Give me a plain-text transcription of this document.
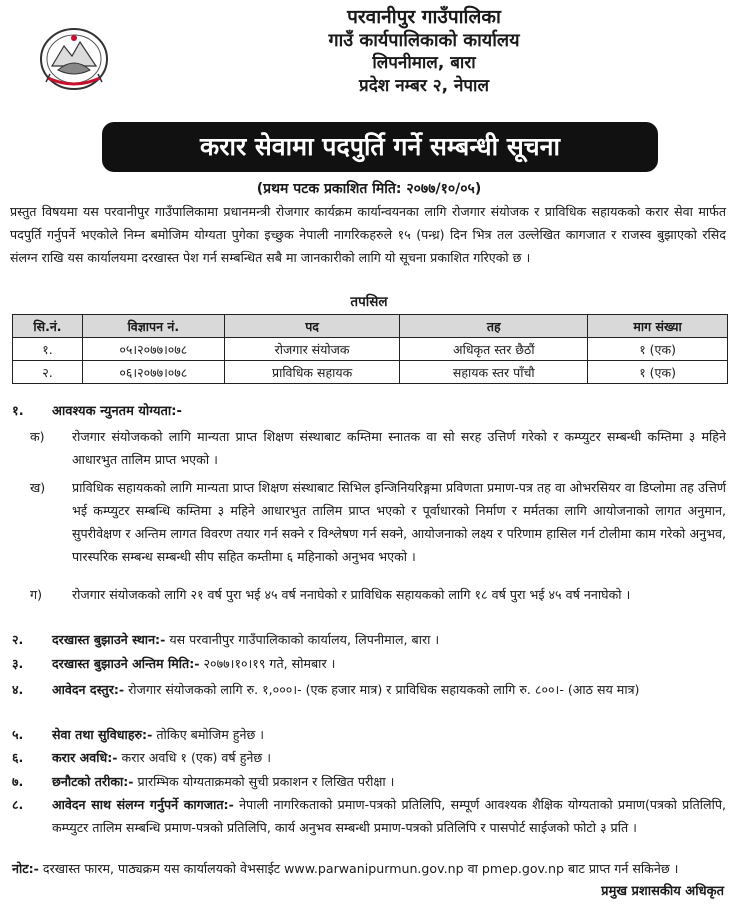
परवानीपुर गाउँपालिका
गाउँ कार्यपालिकाको कार्यालय
लिपनीमाल, बारा
प्रदेश नम्बर २, नेपाल
करार सेवामा पदपुर्ति गर्ने सम्बन्धी सूचना
(प्रथम पटक प्रकाशित मिति: २०७७/१०/०५)
प्रस्तुत विषयमा यस परवानीपुर गाउँपालिकामा प्रधानमन्त्री रोजगार कार्यक्रम कार्यान्वयनका लागि रोजगार संयोजक र प्राविधिक सहायकको करार सेवा मार्फत पदपुर्ति गर्नुपर्ने भएकोले निम्न बमोजिम योग्यता पुगेका इच्छुक नेपाली नागरिकहरुले १५ (पन्ध्र) दिन भित्र तल उल्लेखित कागजात र राजस्व बुझाएको रसिद संलग्न राखि यस कार्यालयमा दरखास्त पेश गर्न सम्बन्धित सबै मा जानकारीको लागि यो सूचना प्रकाशित गरिएको छ ।
तपसिल
सि.नं.	विज्ञापन नं.	पद	तह	माग संख्या
१.	०५।२०७७।०७८	रोजगार संयोजक	अधिकृत स्तर छैठौं	१ (एक)
२.	०६।२०७७।०७८	प्राविधिक सहायक	सहायक स्तर पाँचौ	१ (एक)
१. आवश्यक न्युनतम योग्यता:-
क)	रोजगार संयोजकको लागि मान्यता प्राप्त शिक्षण संस्थाबाट कम्तिमा स्नातक वा सो सरह उत्तिर्ण गरेको र कम्प्युटर सम्बन्धी कम्तिमा ३ महिने आधारभुत तालिम प्राप्त भएको ।
ख)	प्राविधिक सहायकको लागि मान्यता प्राप्त शिक्षण संस्थाबाट सिभिल इन्जिनियरिङ्गमा प्रविणता प्रमाण-पत्र तह वा ओभरसियर वा डिप्लोमा तह उत्तिर्ण भई कम्प्युटर सम्बन्धि कम्तिमा ३ महिने आधारभुत तालिम प्राप्त भएको र पूर्वाधारको निर्माण र मर्मतका लागि आयोजनाको लागत अनुमान, सुपरीवेक्षण र अन्तिम लागत विवरण तयार गर्न सक्ने र विश्लेषण गर्न सक्ने, आयोजनाको लक्ष्य र परिणाम हासिल गर्न टोलीमा काम गरेको अनुभव, पारस्परिक सम्बन्ध सम्बन्धी सीप सहित कम्तीमा ६ महिनाको अनुभव भएको ।
ग)	रोजगार संयोजकको लागि २१ वर्ष पुरा भई ४५ वर्ष ननाघेको र प्राविधिक सहायकको लागि १८ वर्ष पुरा भई ४५ वर्ष ननाघेको ।
२.	दरखास्त बुझाउने स्थान:- यस परवानीपुर गाउँपालिकाको कार्यालय, लिपनीमाल, बारा ।
३.	दरखास्त बुझाउने अन्तिम मिति:- २०७७।१०।१९ गते, सोमबार ।
४.	आवेदन दस्तुर:- रोजगार संयोजकको लागि रु. १,०००।- (एक हजार मात्र) र प्राविधिक सहायकको लागि रु. ८००।- (आठ सय मात्र)
५.	सेवा तथा सुविधाहरु:- तोकिए बमोजिम हुनेछ ।
६.	करार अवधि:- करार अवधि १ (एक) वर्ष हुनेछ ।
७.	छनौटको तरीका:- प्रारम्भिक योग्यताक्रमको सुची प्रकाशन र लिखित परीक्षा ।
८.	आवेदन साथ संलग्न गर्नुपर्ने कागजात:- नेपाली नागरिकताको प्रमाण-पत्रको प्रतिलिपि, सम्पूर्ण आवश्यक शैक्षिक योग्यताको प्रमाण(पत्रको प्रतिलिपि, कम्प्युटर तालिम सम्बन्धि प्रमाण-पत्रको प्रतिलिपि, कार्य अनुभव सम्बन्धी प्रमाण-पत्रको प्रतिलिपि र पासपोर्ट साईजको फोटो ३ प्रति ।
नोट:- दरखास्त फारम, पाठ्यक्रम यस कार्यालयको वेभसाईट www.parwanipurmun.gov.np वा pmep.gov.np बाट प्राप्त गर्न सकिनेछ ।
प्रमुख प्रशासकीय अधिकृत
